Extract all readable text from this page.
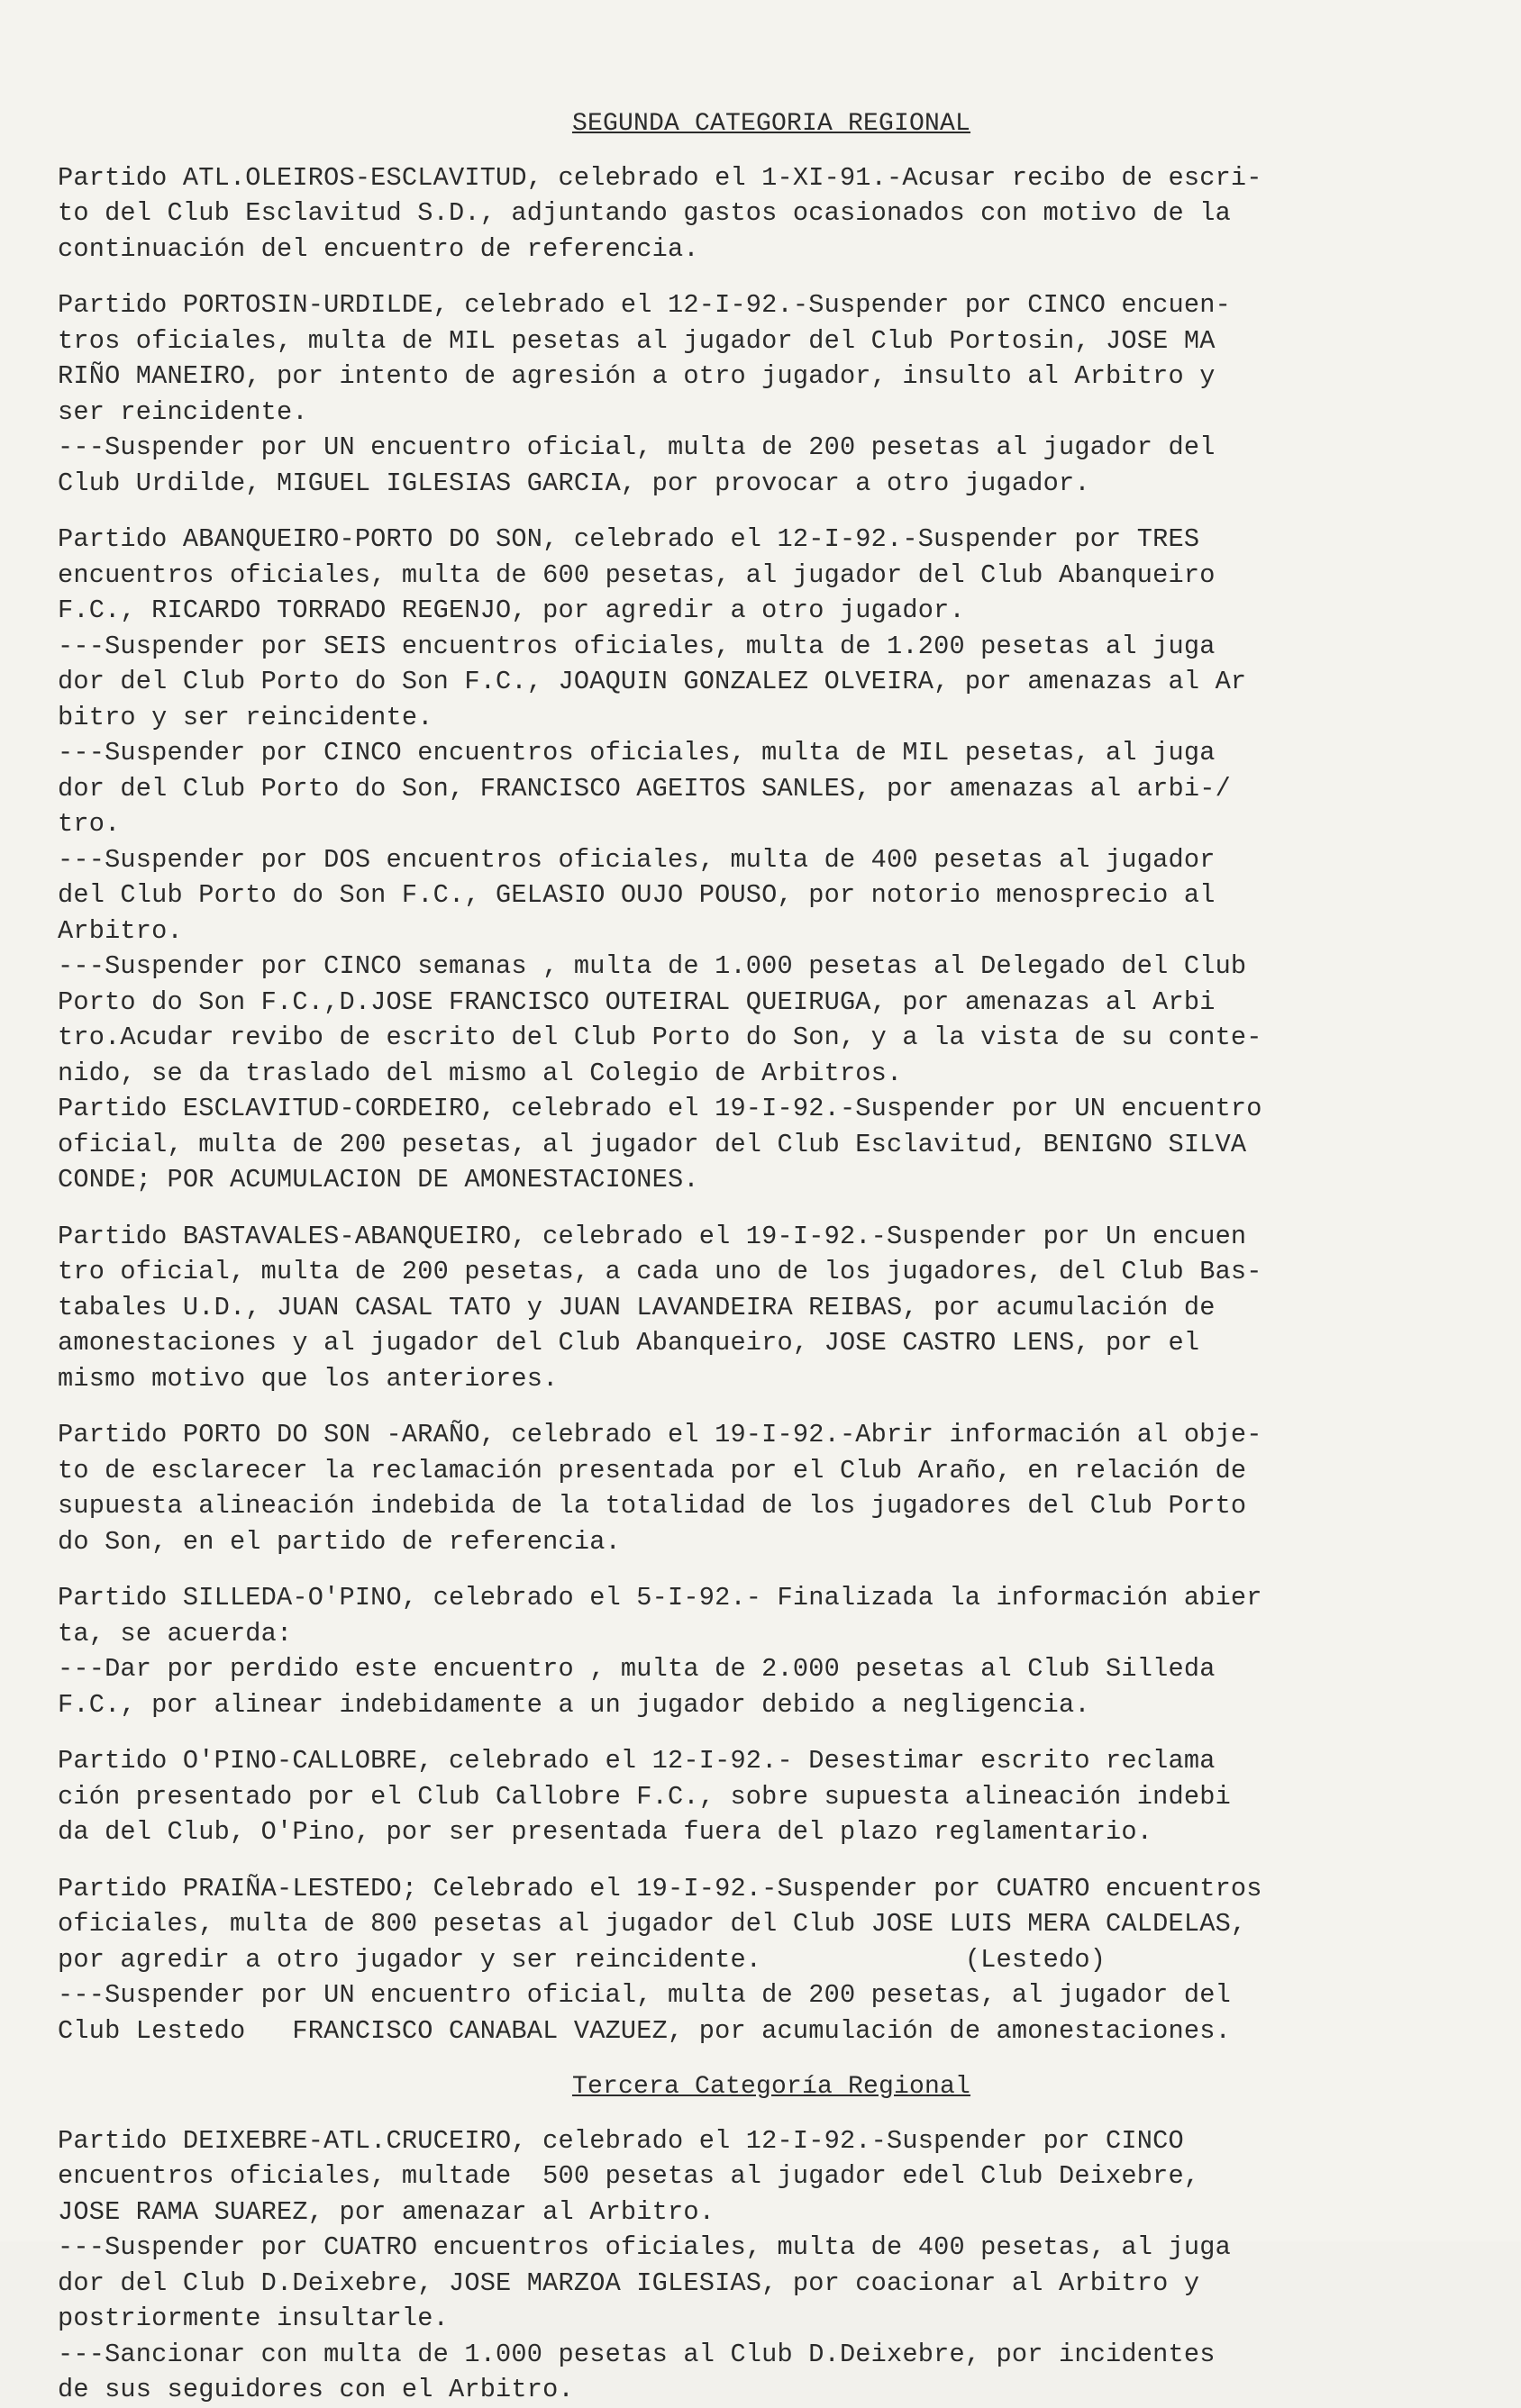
SEGUNDA CATEGORIA REGIONAL
Partido ATL.OLEIROS-ESCLAVITUD, celebrado el 1-XI-91.-Acusar recibo de escri-
to del Club Esclavitud S.D., adjuntando gastos ocasionados con motivo de la
continuación del encuentro de referencia.
Partido PORTOSIN-URDILDE, celebrado el 12-I-92.-Suspender por CINCO encuen-
tros oficiales, multa de MIL pesetas al jugador del Club Portosin, JOSE MA
RIÑO MANEIRO, por intento de agresión a otro jugador, insulto al Arbitro y
ser reincidente.
---Suspender por UN encuentro oficial, multa de 200 pesetas al jugador del
Club Urdilde, MIGUEL IGLESIAS GARCIA, por provocar a otro jugador.
Partido ABANQUEIRO-PORTO DO SON, celebrado el 12-I-92.-Suspender por TRES
encuentros oficiales, multa de 600 pesetas, al jugador del Club Abanqueiro
F.C., RICARDO TORRADO REGENJO, por agredir a otro jugador.
---Suspender por SEIS encuentros oficiales, multa de 1.200 pesetas al juga
dor del Club Porto do Son F.C., JOAQUIN GONZALEZ OLVEIRA, por amenazas al Ar
bitro y ser reincidente.
---Suspender por CINCO encuentros oficiales, multa de MIL pesetas, al juga
dor del Club Porto do Son, FRANCISCO AGEITOS SANLES, por amenazas al arbi-/
tro.
---Suspender por DOS encuentros oficiales, multa de 400 pesetas al jugador
del Club Porto do Son F.C., GELASIO OUJO POUSO, por notorio menosprecio al
Arbitro.
---Suspender por CINCO semanas , multa de 1.000 pesetas al Delegado del Club
Porto do Son F.C.,D.JOSE FRANCISCO OUTEIRAL QUEIRUGA, por amenazas al Arbi
tro.Acudar revibo de escrito del Club Porto do Son, y a la vista de su conte-
nido, se da traslado del mismo al Colegio de Arbitros.
Partido ESCLAVITUD-CORDEIRO, celebrado el 19-I-92.-Suspender por UN encuentro
oficial, multa de 200 pesetas, al jugador del Club Esclavitud, BENIGNO SILVA
CONDE; POR ACUMULACION DE AMONESTACIONES.
Partido BASTAVALES-ABANQUEIRO, celebrado el 19-I-92.-Suspender por Un encuen
tro oficial, multa de 200 pesetas, a cada uno de los jugadores, del Club Bas-
tabales U.D., JUAN CASAL TATO y JUAN LAVANDEIRA REIBAS, por acumulación de
amonestaciones y al jugador del Club Abanqueiro, JOSE CASTRO LENS, por el
mismo motivo que los anteriores.
Partido PORTO DO SON -ARAÑO, celebrado el 19-I-92.-Abrir información al obje-
to de esclarecer la reclamación presentada por el Club Araño, en relación de
supuesta alineación indebida de la totalidad de los jugadores del Club Porto
do Son, en el partido de referencia.
Partido SILLEDA-O'PINO, celebrado el 5-I-92.- Finalizada la información abier
ta, se acuerda:
---Dar por perdido este encuentro , multa de 2.000 pesetas al Club Silleda
F.C., por alinear indebidamente a un jugador debido a negligencia.
Partido O'PINO-CALLOBRE, celebrado el 12-I-92.- Desestimar escrito reclama
ción presentado por el Club Callobre F.C., sobre supuesta alineación indebi
da del Club, O'Pino, por ser presentada fuera del plazo reglamentario.
Partido PRAIÑA-LESTEDO; Celebrado el 19-I-92.-Suspender por CUATRO encuentros
oficiales, multa de 800 pesetas al jugador del Club JOSE LUIS MERA CALDELAS,
por agredir a otro jugador y ser reincidente.             (Lestedo)
---Suspender por UN encuentro oficial, multa de 200 pesetas, al jugador del
Club Lestedo   FRANCISCO CANABAL VAZUEZ, por acumulación de amonestaciones.
Tercera Categoría Regional
Partido DEIXEBRE-ATL.CRUCEIRO, celebrado el 12-I-92.-Suspender por CINCO
encuentros oficiales, multade  500 pesetas al jugador edel Club Deixebre,
JOSE RAMA SUAREZ, por amenazar al Arbitro.
---Suspender por CUATRO encuentros oficiales, multa de 400 pesetas, al juga
dor del Club D.Deixebre, JOSE MARZOA IGLESIAS, por coacionar al Arbitro y
postriormente insultarle.
---Sancionar con multa de 1.000 pesetas al Club D.Deixebre, por incidentes
de sus seguidores con el Arbitro.
